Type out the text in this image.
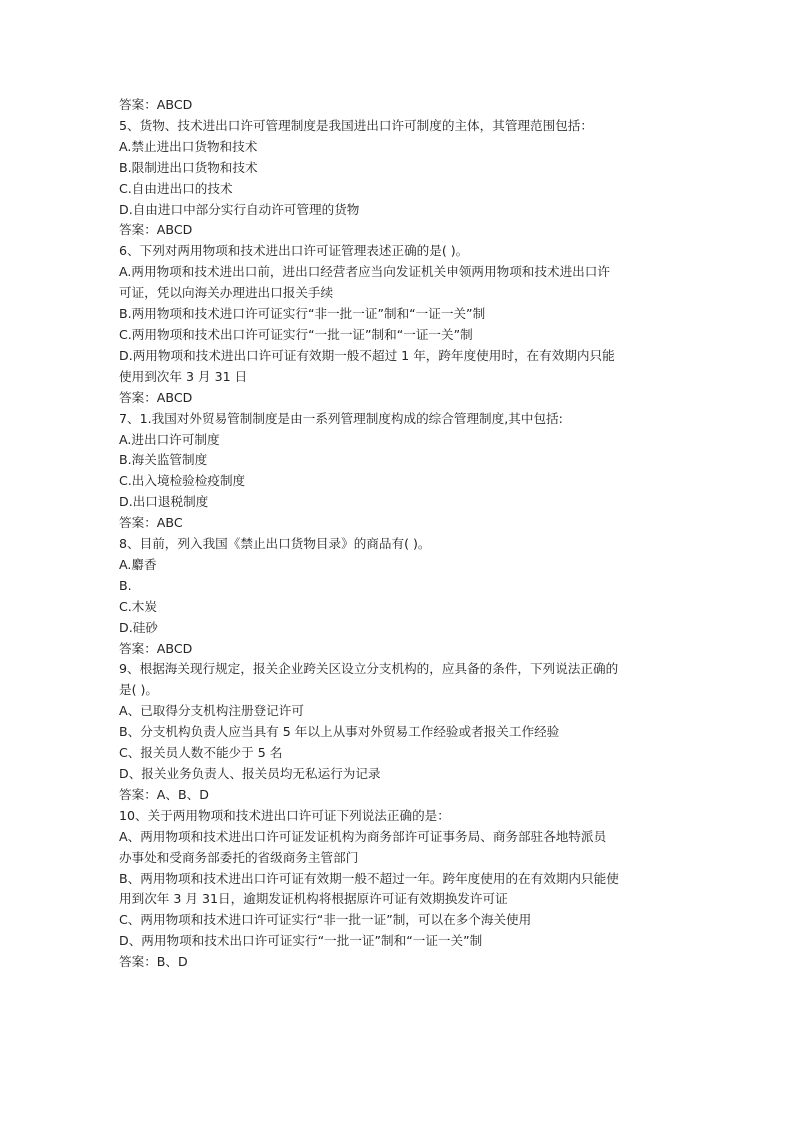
答案：ABCD
5、货物、技术进出口许可管理制度是我国进出口许可制度的主体，其管理范围包括：
A.禁止进出口货物和技术
B.限制进出口货物和技术
C.自由进出口的技术
D.自由进口中部分实行自动许可管理的货物
答案：ABCD
6、下列对两用物项和技术进出口许可证管理表述正确的是( )。
A.两用物项和技术进出口前，进出口经营者应当向发证机关申领两用物项和技术进出口许
可证，凭以向海关办理进出口报关手续
B.两用物项和技术进口许可证实行“非一批一证”制和“一证一关”制
C.两用物项和技术出口许可证实行“一批一证”制和“一证一关”制
D.两用物项和技术进出口许可证有效期一般不超过 1 年，跨年度使用时，在有效期内只能
使用到次年 3 月 31 日
答案：ABCD
7、1.我国对外贸易管制制度是由一系列管理制度构成的综合管理制度,其中包括:
A.进出口许可制度
B.海关监管制度
C.出入境检验检疫制度
D.出口退税制度
答案：ABC
8、目前，列入我国《禁止出口货物目录》的商品有( )。
A.麝香
B.
C.木炭
D.硅砂
答案：ABCD
9、根据海关现行规定，报关企业跨关区设立分支机构的，应具备的条件，下列说法正确的
是( )。
A、已取得分支机构注册登记许可
B、分支机构负责人应当具有 5 年以上从事对外贸易工作经验或者报关工作经验
C、报关员人数不能少于 5 名
D、报关业务负责人、报关员均无私运行为记录
答案：A、B、D
10、关于两用物项和技术进出口许可证下列说法正确的是：
A、两用物项和技术进出口许可证发证机构为商务部许可证事务局、商务部驻各地特派员
办事处和受商务部委托的省级商务主管部门
B、两用物项和技术进出口许可证有效期一般不超过一年。跨年度使用的在有效期内只能使
用到次年 3 月 31日，逾期发证机构将根据原许可证有效期换发许可证
C、两用物项和技术进口许可证实行“非一批一证”制，可以在多个海关使用
D、两用物项和技术出口许可证实行“一批一证”制和“一证一关”制
答案：B、D
